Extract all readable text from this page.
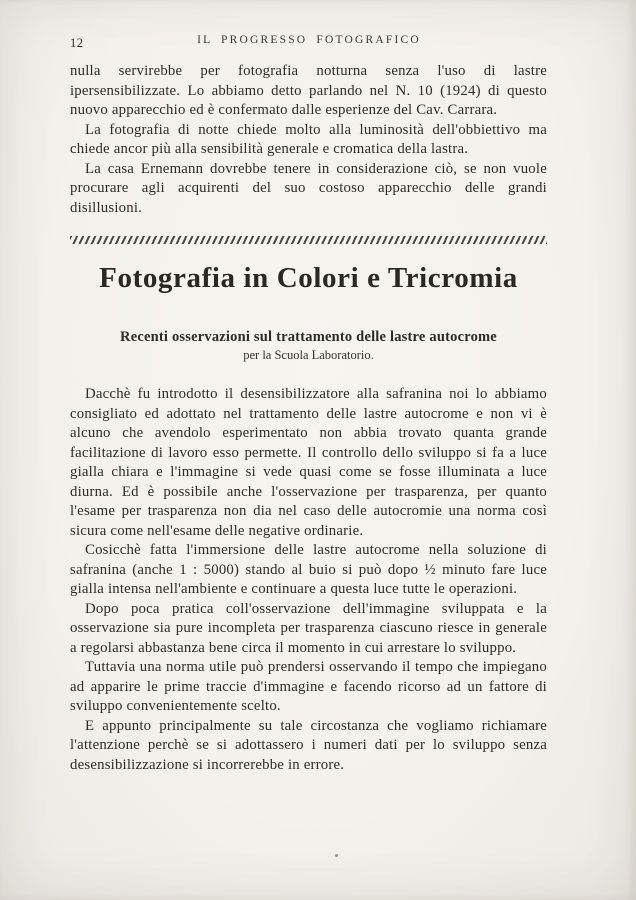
12	IL PROGRESSO FOTOGRAFICO

nulla servirebbe per fotografia notturna senza l'uso di lastre ipersensibilizzate. Lo abbiamo detto parlando nel N. 10 (1924) di questo nuovo apparecchio ed è confermato dalle esperienze del Cav. Carrara.

La fotografia di notte chiede molto alla luminosità dell'obbiettivo ma chiede ancor più alla sensibilità generale e cromatica della lastra.

La casa Ernemann dovrebbe tenere in considerazione ciò, se non vuole procurare agli acquirenti del suo costoso apparecchio delle grandi disillusioni.

Fotografia in Colori e Tricromia
Recenti osservazioni sul trattamento delle lastre autocrome
per la Scuola Laboratorio.

Dacchè fu introdotto il desensibilizzatore alla safranina noi lo abbiamo consigliato ed adottato nel trattamento delle lastre autocrome e non vi è alcuno che avendolo esperimentato non abbia trovato quanta grande facilitazione di lavoro esso permette. Il controllo dello sviluppo si fa a luce gialla chiara e l'immagine si vede quasi come se fosse illuminata a luce diurna. Ed è possibile anche l'osservazione per trasparenza, per quanto l'esame per trasparenza non dia nel caso delle autocromie una norma così sicura come nell'esame delle negative ordinarie.

Cosicchè fatta l'immersione delle lastre autocrome nella soluzione di safranina (anche 1 : 5000) stando al buio si può dopo ½ minuto fare luce gialla intensa nell'ambiente e continuare a questa luce tutte le operazioni.

Dopo poca pratica coll'osservazione dell'immagine sviluppata e la osservazione sia pure incompleta per trasparenza ciascuno riesce in generale a regolarsi abbastanza bene circa il momento in cui arrestare lo sviluppo.

Tuttavia una norma utile può prendersi osservando il tempo che impiegano ad apparire le prime traccie d'immagine e facendo ricorso ad un fattore di sviluppo convenientemente scelto.

E appunto principalmente su tale circostanza che vogliamo richiamare l'attenzione perchè se si adottassero i numeri dati per lo sviluppo senza desensibilizzazione si incorrerebbe in errore.
